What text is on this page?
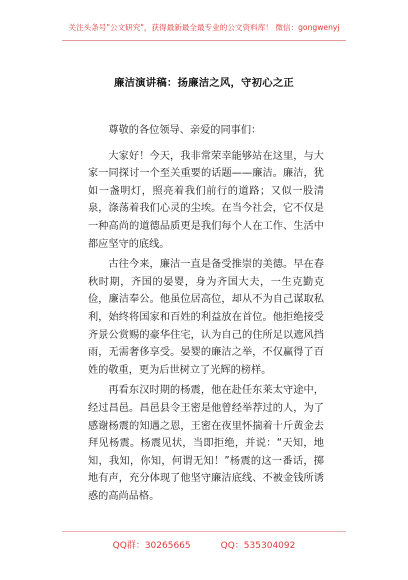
关注头条号"公文研究"，获得最新最全最专业的公文资料库！ 微信：gongwenyj
廉洁演讲稿：扬廉洁之风，守初心之正

尊敬的各位领导、亲爱的同事们：

大家好！今天，我非常荣幸能够站在这里，与大家一同探讨一个至关重要的话题——廉洁。廉洁，犹如一盏明灯，照亮着我们前行的道路；又似一股清泉，涤荡着我们心灵的尘埃。在当今社会，它不仅是一种高尚的道德品质更是我们每个人在工作、生活中都应坚守的底线。

古往今来，廉洁一直是备受推崇的美德。早在春秋时期，齐国的晏婴，身为齐国大夫，一生克勤克俭，廉洁奉公。他虽位居高位，却从不为自己谋取私利，始终将国家和百姓的利益放在首位。他拒绝接受齐景公赏赐的豪华住宅，认为自己的住所足以遮风挡雨，无需奢侈享受。晏婴的廉洁之举，不仅赢得了百姓的敬重，更为后世树立了光辉的榜样。

再看东汉时期的杨震，他在赴任东莱太守途中，经过昌邑。昌邑县令王密是他曾经举荐过的人，为了感谢杨震的知遇之恩，王密在夜里怀揣着十斤黄金去拜见杨震。杨震见状，当即拒绝，并说：“天知，地知，我知，你知，何谓无知！”杨震的这一番话，掷地有声，充分体现了他坚守廉洁底线、不被金钱所诱惑的高尚品格。

QQ群：30265665	QQ：535304092
